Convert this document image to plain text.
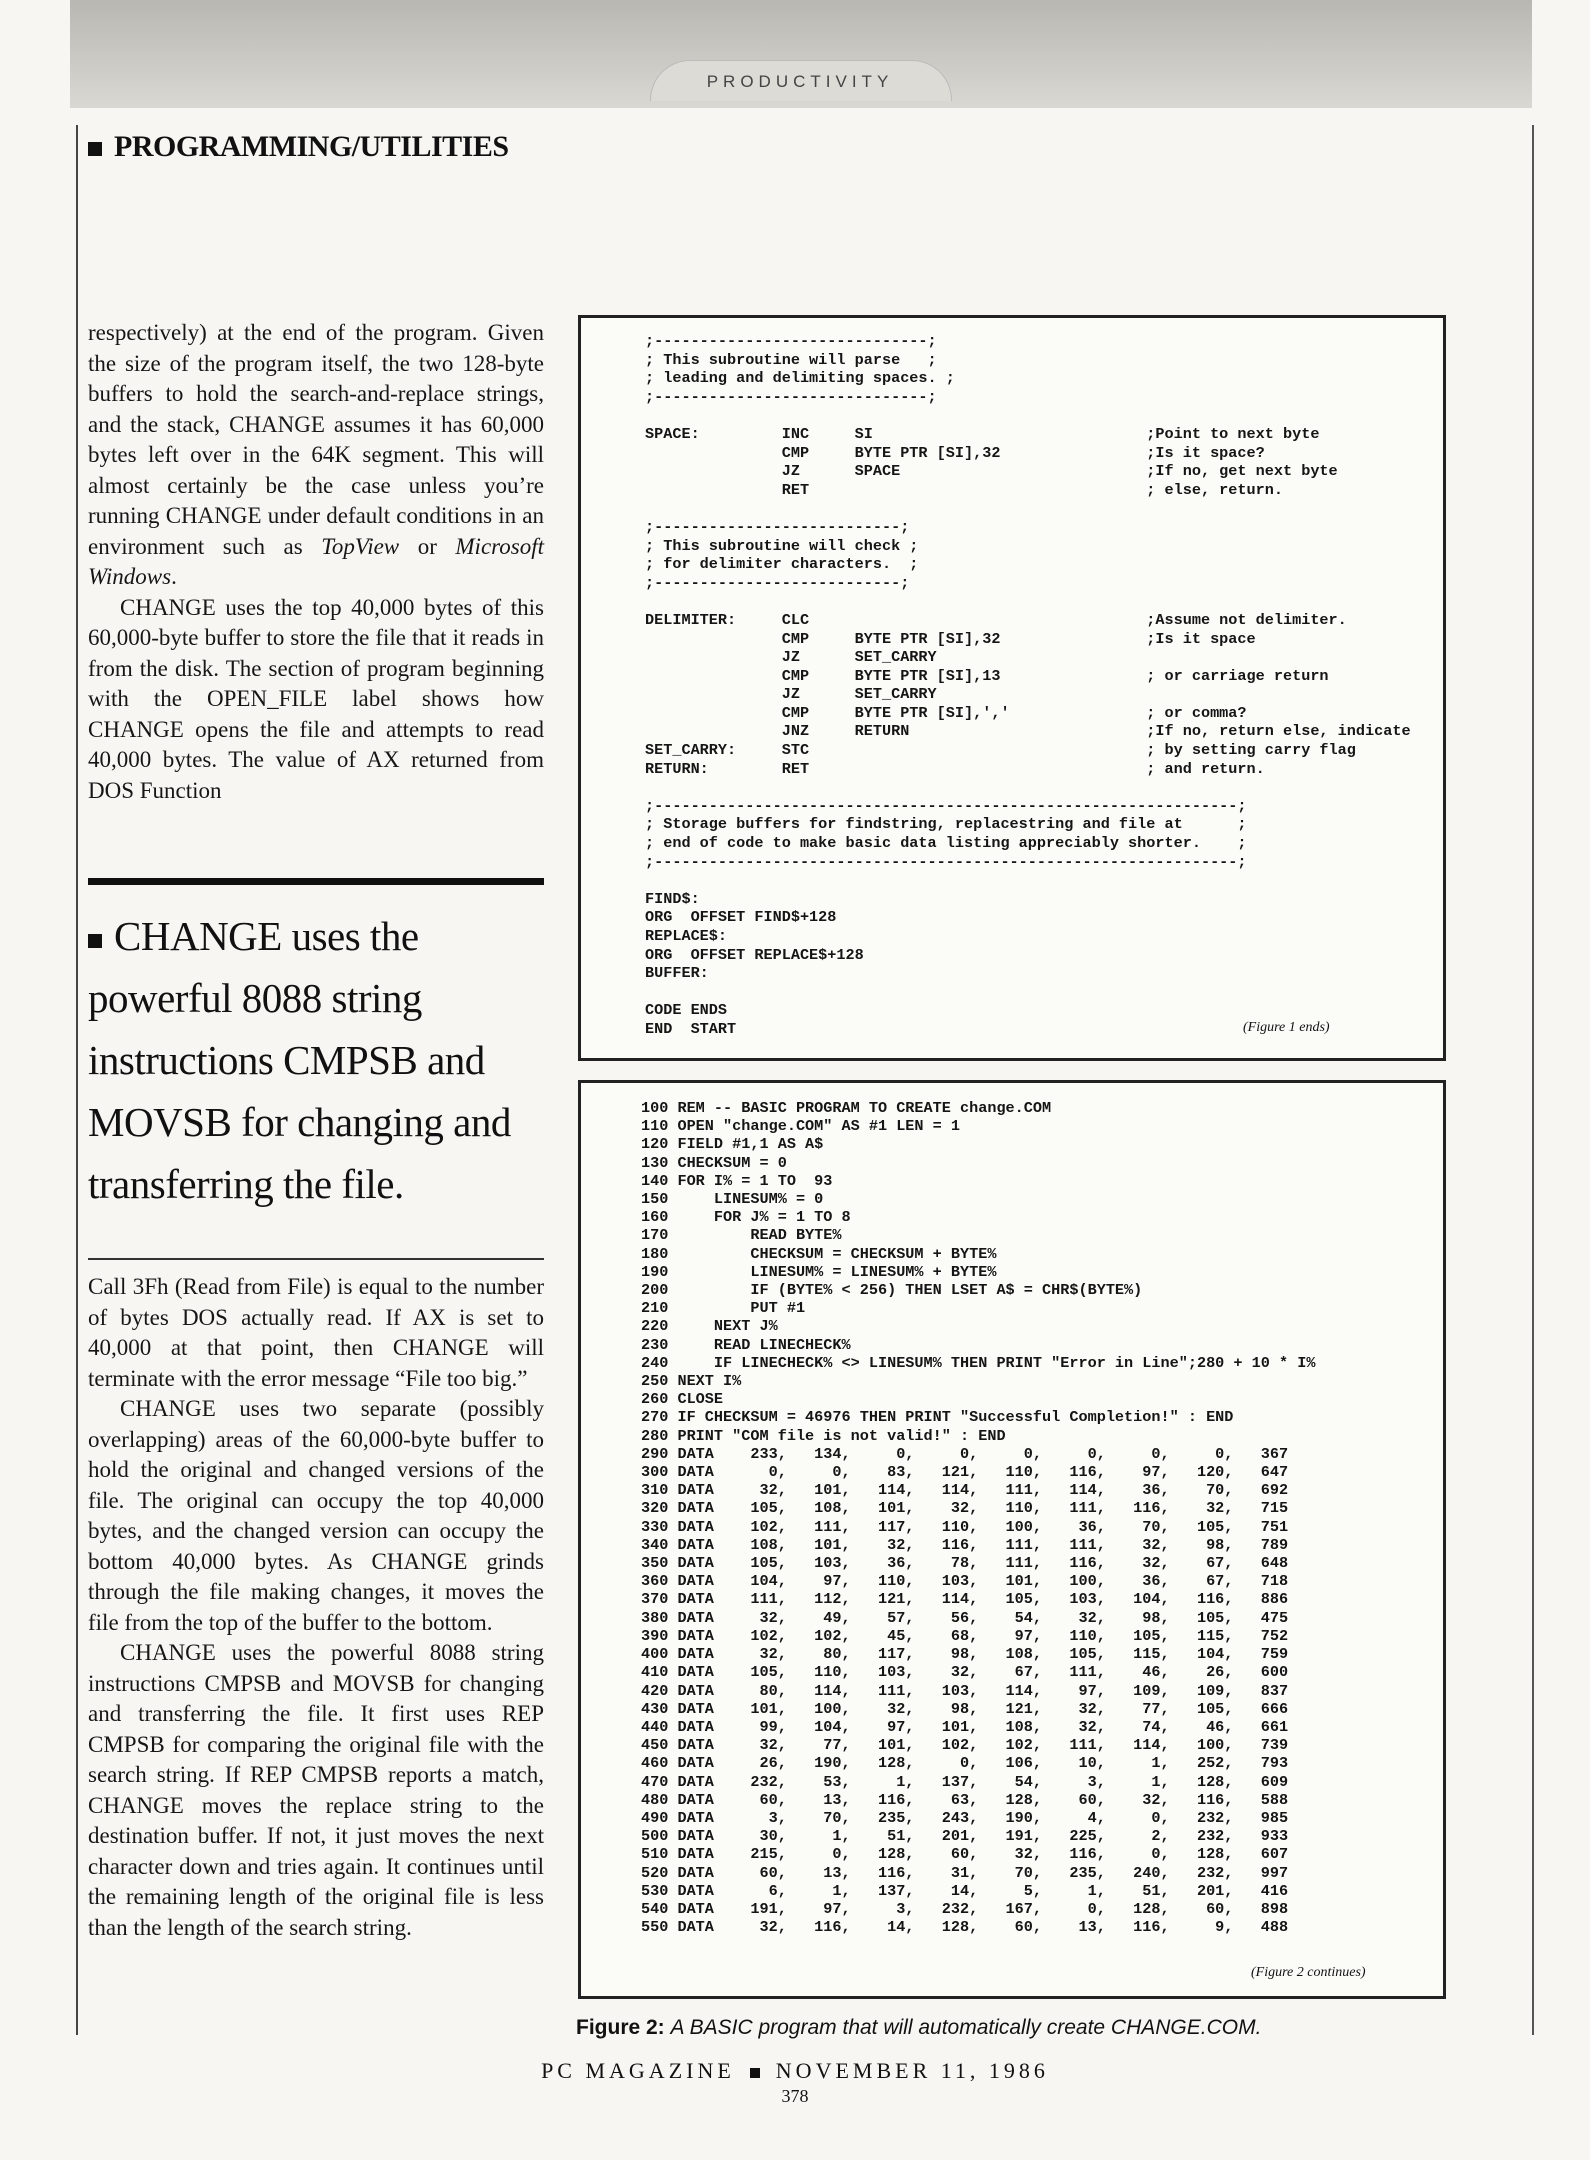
PRODUCTIVITY
PROGRAMMING/UTILITIES

respectively) at the end of the program. Given the size of the program itself, the two 128-byte buffers to hold the search-and-replace strings, and the stack, CHANGE assumes it has 60,000 bytes left over in the 64K segment. This will almost certainly be the case unless you’re running CHANGE under default conditions in an environment such as TopView or Microsoft Windows.

CHANGE uses the top 40,000 bytes of this 60,000-byte buffer to store the file that it reads in from the disk. The section of program beginning with the OPEN_FILE label shows how CHANGE opens the file and attempts to read 40,000 bytes. The value of AX returned from DOS Function

CHANGE uses the powerful 8088 string instructions CMPSB and MOVSB for changing and transferring the file.

Call 3Fh (Read from File) is equal to the number of bytes DOS actually read. If AX is set to 40,000 at that point, then CHANGE will terminate with the error message “File too big.”

CHANGE uses two separate (possibly overlapping) areas of the 60,000-byte buffer to hold the original and changed versions of the file. The original can occupy the top 40,000 bytes, and the changed version can occupy the bottom 40,000 bytes. As CHANGE grinds through the file making changes, it moves the file from the top of the buffer to the bottom.

CHANGE uses the powerful 8088 string instructions CMPSB and MOVSB for changing and transferring the file. It first uses REP CMPSB for comparing the original file with the search string. If REP CMPSB reports a match, CHANGE moves the replace string to the destination buffer. If not, it just moves the next character down and tries again. It continues until the remaining length of the original file is less than the length of the search string.

;------------------------------;
; This subroutine will parse   ;
; leading and delimiting spaces. ;
;------------------------------;

SPACE:         INC     SI                              ;Point to next byte
CMP     BYTE PTR [SI],32                ;Is it space?
JZ      SPACE                           ;If no, get next byte
RET                                     ; else, return.

;---------------------------;
; This subroutine will check ;
; for delimiter characters.  ;
;---------------------------;

DELIMITER:     CLC                                     ;Assume not delimiter.
CMP     BYTE PTR [SI],32                ;Is it space
JZ      SET_CARRY
CMP     BYTE PTR [SI],13                ; or carriage return
JZ      SET_CARRY
CMP     BYTE PTR [SI],','               ; or comma?
JNZ     RETURN                          ;If no, return else, indicate
SET_CARRY:     STC                                     ; by setting carry flag
RETURN:        RET                                     ; and return.

;----------------------------------------------------------------;
; Storage buffers for findstring, replacestring and file at      ;
; end of code to make basic data listing appreciably shorter.    ;
;----------------------------------------------------------------;

FIND$:
ORG  OFFSET FIND$+128
REPLACE$:
ORG  OFFSET REPLACE$+128
BUFFER:

CODE ENDS
END  START	(Figure 1 ends)
100 REM -- BASIC PROGRAM TO CREATE change.COM
110 OPEN "change.COM" AS #1 LEN = 1
120 FIELD #1,1 AS A$
130 CHECKSUM = 0
140 FOR I% = 1 TO  93
150     LINESUM% = 0
160     FOR J% = 1 TO 8
170         READ BYTE%
180         CHECKSUM = CHECKSUM + BYTE%
190         LINESUM% = LINESUM% + BYTE%
200         IF (BYTE% < 256) THEN LSET A$ = CHR$(BYTE%)
210         PUT #1
220     NEXT J%
230     READ LINECHECK%
240     IF LINECHECK% <> LINESUM% THEN PRINT "Error in Line";280 + 10 * I%
250 NEXT I%
260 CLOSE
270 IF CHECKSUM = 46976 THEN PRINT "Successful Completion!" : END
280 PRINT "COM file is not valid!" : END
290 DATA    233,   134,     0,     0,     0,     0,     0,     0,   367
300 DATA      0,     0,    83,   121,   110,   116,    97,   120,   647
310 DATA     32,   101,   114,   114,   111,   114,    36,    70,   692
320 DATA    105,   108,   101,    32,   110,   111,   116,    32,   715
330 DATA    102,   111,   117,   110,   100,    36,    70,   105,   751
340 DATA    108,   101,    32,   116,   111,   111,    32,    98,   789
350 DATA    105,   103,    36,    78,   111,   116,    32,    67,   648
360 DATA    104,    97,   110,   103,   101,   100,    36,    67,   718
370 DATA    111,   112,   121,   114,   105,   103,   104,   116,   886
380 DATA     32,    49,    57,    56,    54,    32,    98,   105,   475
390 DATA    102,   102,    45,    68,    97,   110,   105,   115,   752
400 DATA     32,    80,   117,    98,   108,   105,   115,   104,   759
410 DATA    105,   110,   103,    32,    67,   111,    46,    26,   600
420 DATA     80,   114,   111,   103,   114,    97,   109,   109,   837
430 DATA    101,   100,    32,    98,   121,    32,    77,   105,   666
440 DATA     99,   104,    97,   101,   108,    32,    74,    46,   661
450 DATA     32,    77,   101,   102,   102,   111,   114,   100,   739
460 DATA     26,   190,   128,     0,   106,    10,     1,   252,   793
470 DATA    232,    53,     1,   137,    54,     3,     1,   128,   609
480 DATA     60,    13,   116,    63,   128,    60,    32,   116,   588
490 DATA      3,    70,   235,   243,   190,     4,     0,   232,   985
500 DATA     30,     1,    51,   201,   191,   225,     2,   232,   933
510 DATA    215,     0,   128,    60,    32,   116,     0,   128,   607
520 DATA     60,    13,   116,    31,    70,   235,   240,   232,   997
530 DATA      6,     1,   137,    14,     5,     1,    51,   201,   416
540 DATA    191,    97,     3,   232,   167,     0,   128,    60,   898
550 DATA     32,   116,    14,   128,    60,    13,   116,     9,   488
(Figure 2 continues)
Figure 2: A BASIC program that will automatically create CHANGE.COM.
PC MAGAZINE NOVEMBER 11, 1986
378
